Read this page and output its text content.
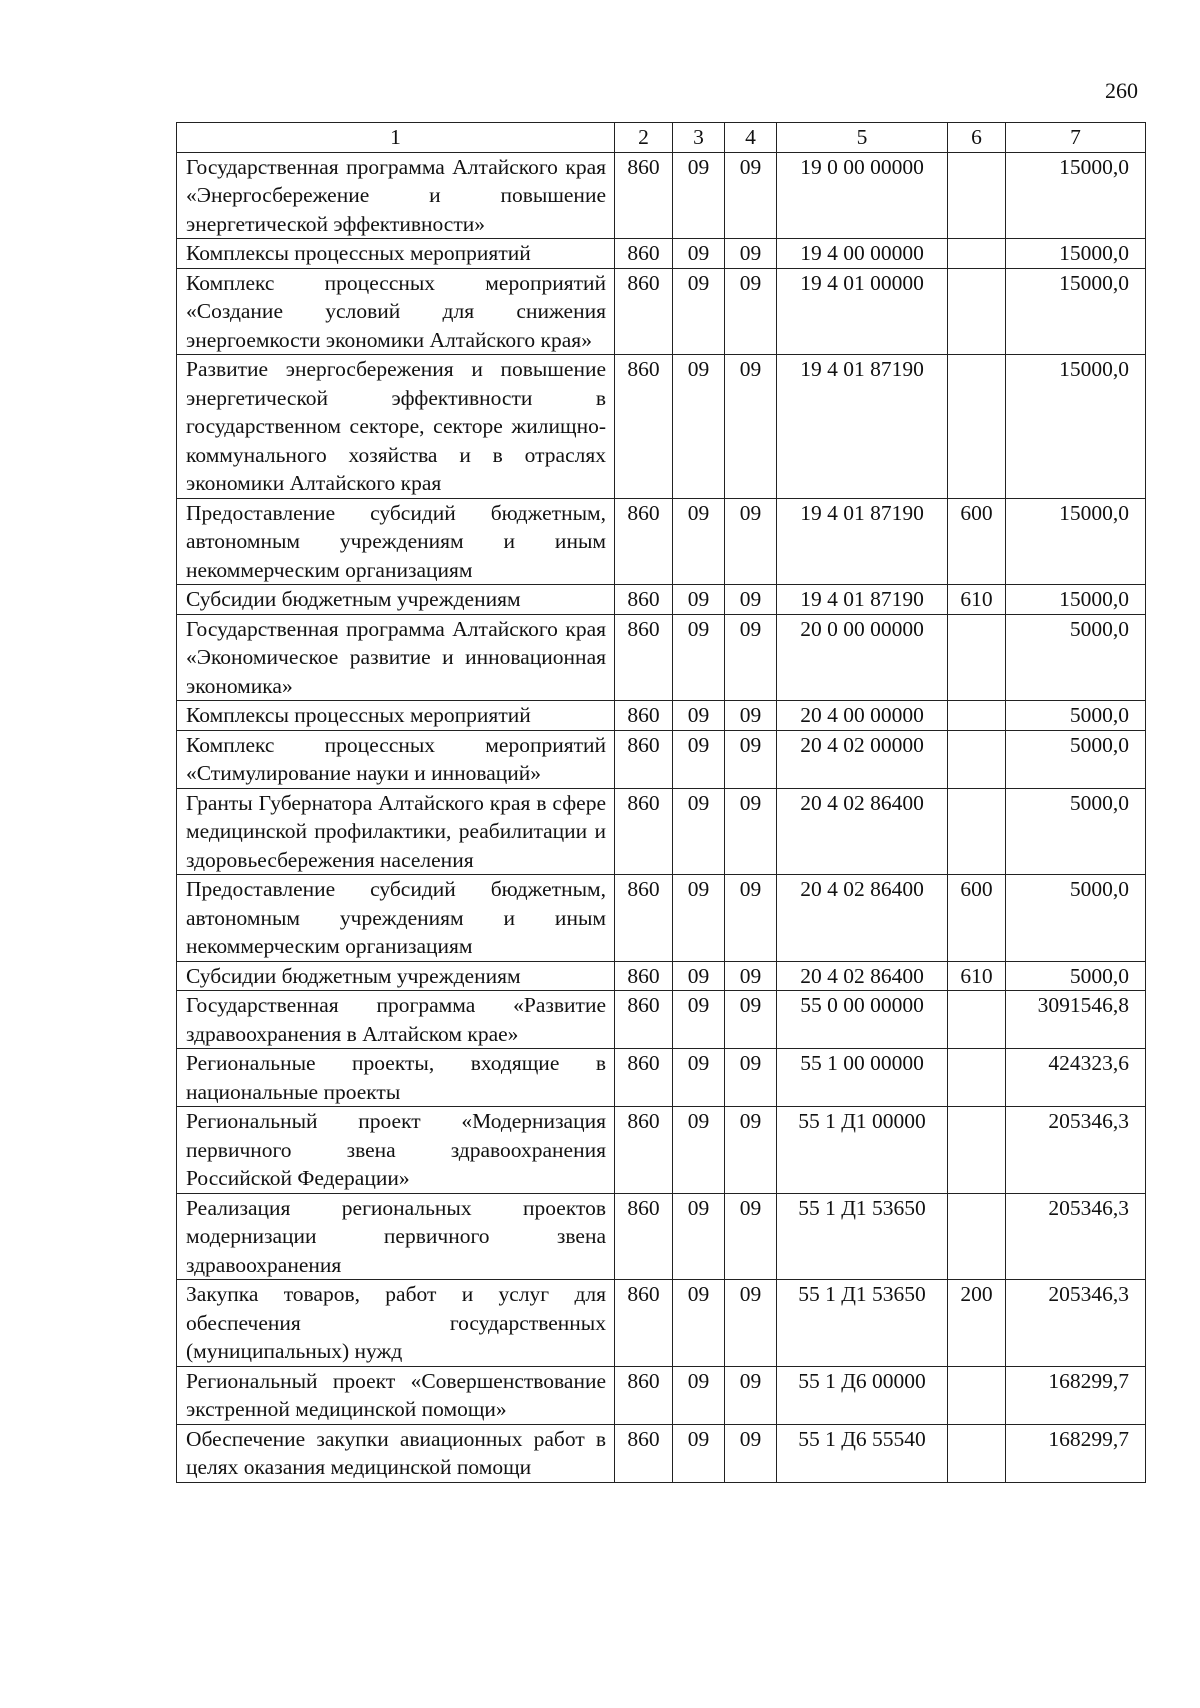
260
1	2	3	4	5	6	7
Государственная программа Алтайского края «Энергосбережение и повышение энергетической эффективности»	860	09	09	19 0 00 00000		15000,0
Комплексы процессных мероприятий	860	09	09	19 4 00 00000		15000,0
Комплекс процессных мероприятий «Создание условий для снижения энергоемкости экономики Алтайского края»	860	09	09	19 4 01 00000		15000,0
Развитие энергосбережения и повышение энергетической эффективности в государственном секторе, секторе жилищно-коммунального хозяйства и в отраслях экономики Алтайского края	860	09	09	19 4 01 87190		15000,0
Предоставление субсидий бюджетным, автономным учреждениям и иным некоммерческим организациям	860	09	09	19 4 01 87190	600	15000,0
Субсидии бюджетным учреждениям	860	09	09	19 4 01 87190	610	15000,0
Государственная программа Алтайского края «Экономическое развитие и инновационная экономика»	860	09	09	20 0 00 00000		5000,0
Комплексы процессных мероприятий	860	09	09	20 4 00 00000		5000,0
Комплекс процессных мероприятий «Стимулирование науки и инноваций»	860	09	09	20 4 02 00000		5000,0
Гранты Губернатора Алтайского края в сфере медицинской профилактики, реабилитации и здоровьесбережения населения	860	09	09	20 4 02 86400		5000,0
Предоставление субсидий бюджетным, автономным учреждениям и иным некоммерческим организациям	860	09	09	20 4 02 86400	600	5000,0
Субсидии бюджетным учреждениям	860	09	09	20 4 02 86400	610	5000,0
Государственная программа «Развитие здравоохранения в Алтайском крае»	860	09	09	55 0 00 00000		3091546,8
Региональные проекты, входящие в национальные проекты	860	09	09	55 1 00 00000		424323,6
Региональный проект «Модернизация первичного звена здравоохранения Российской Федерации»	860	09	09	55 1 Д1 00000		205346,3
Реализация региональных проектов модернизации первичного звена здравоохранения	860	09	09	55 1 Д1 53650		205346,3
Закупка товаров, работ и услуг для обеспечения государственных (муниципальных) нужд	860	09	09	55 1 Д1 53650	200	205346,3
Региональный проект «Совершенствование экстренной медицинской помощи»	860	09	09	55 1 Д6 00000		168299,7
Обеспечение закупки авиационных работ в целях оказания медицинской помощи	860	09	09	55 1 Д6 55540		168299,7
